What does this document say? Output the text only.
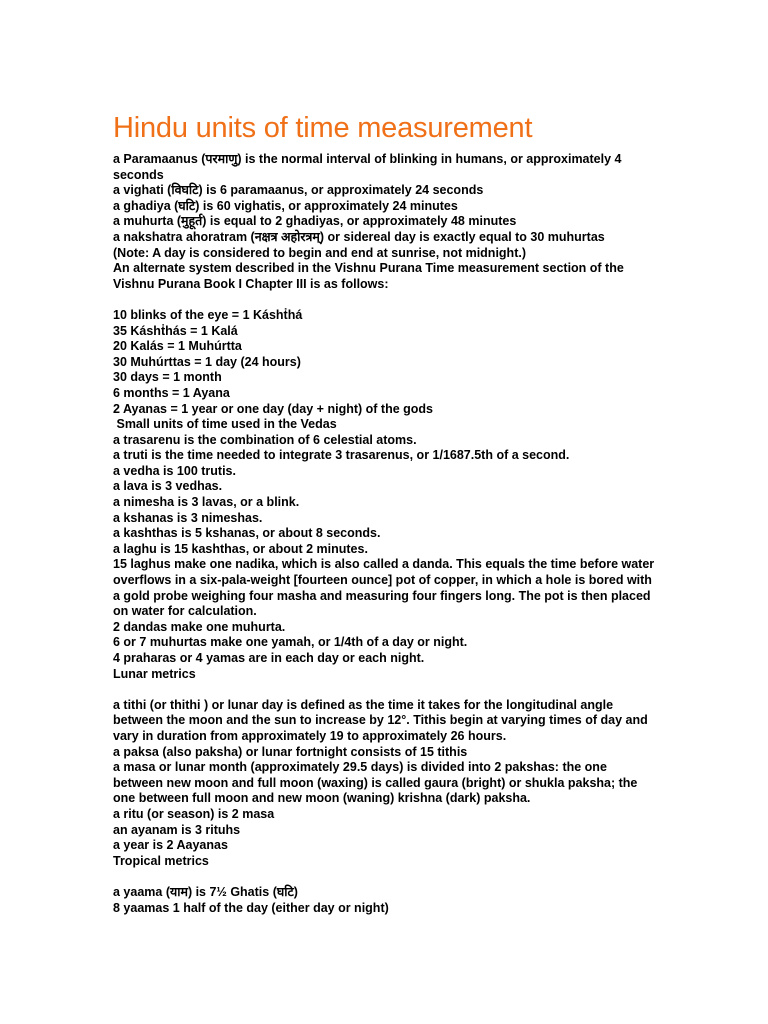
Hindu units of time measurement

a Paramaanus (परमाणु) is the normal interval of blinking in humans, or approximately 4 seconds

a vighati (विघटि) is 6 paramaanus, or approximately 24 seconds

a ghadiya (घटि) is 60 vighatis, or approximately 24 minutes

a muhurta (मुहूर्त) is equal to 2 ghadiyas, or approximately 48 minutes

a nakshatra ahoratram (नक्षत्र अहोरत्रम्) or sidereal day is exactly equal to 30 muhurtas

(Note: A day is considered to begin and end at sunrise, not midnight.)

An alternate system described in the Vishnu Purana Time measurement section of the Vishnu Purana Book I Chapter III is as follows:

10 blinks of the eye = 1 Káshṫhá

35 Káshṫhás = 1 Kalá

20 Kalás = 1 Muhúrtta

30 Muhúrttas = 1 day (24 hours)

30 days = 1 month

6 months = 1 Ayana

2 Ayanas = 1 year or one day (day + night) of the gods

Small units of time used in the Vedas

a trasarenu is the combination of 6 celestial atoms.

a truti is the time needed to integrate 3 trasarenus, or 1/1687.5th of a second.

a vedha is 100 trutis.

a lava is 3 vedhas.

a nimesha is 3 lavas, or a blink.

a kshanas is 3 nimeshas.

a kashthas is 5 kshanas, or about 8 seconds.

a laghu is 15 kashthas, or about 2 minutes.

15 laghus make one nadika, which is also called a danda. This equals the time before water overflows in a six-pala-weight [fourteen ounce] pot of copper, in which a hole is bored with a gold probe weighing four masha and measuring four fingers long. The pot is then placed on water for calculation.

2 dandas make one muhurta.

6 or 7 muhurtas make one yamah, or 1/4th of a day or night.

4 praharas or 4 yamas are in each day or each night.

Lunar metrics

a tithi (or thithi ) or lunar day is defined as the time it takes for the longitudinal angle between the moon and the sun to increase by 12°. Tithis begin at varying times of day and vary in duration from approximately 19 to approximately 26 hours.

a paksa (also paksha) or lunar fortnight consists of 15 tithis

a masa or lunar month (approximately 29.5 days) is divided into 2 pakshas: the one between new moon and full moon (waxing) is called gaura (bright) or shukla paksha; the one between full moon and new moon (waning) krishna (dark) paksha.

a ritu (or season) is 2 masa

an ayanam is 3 rituhs

a year is 2 Aayanas

Tropical metrics

a yaama (याम) is 7½ Ghatis (घटि)

8 yaamas 1 half of the day (either day or night)
